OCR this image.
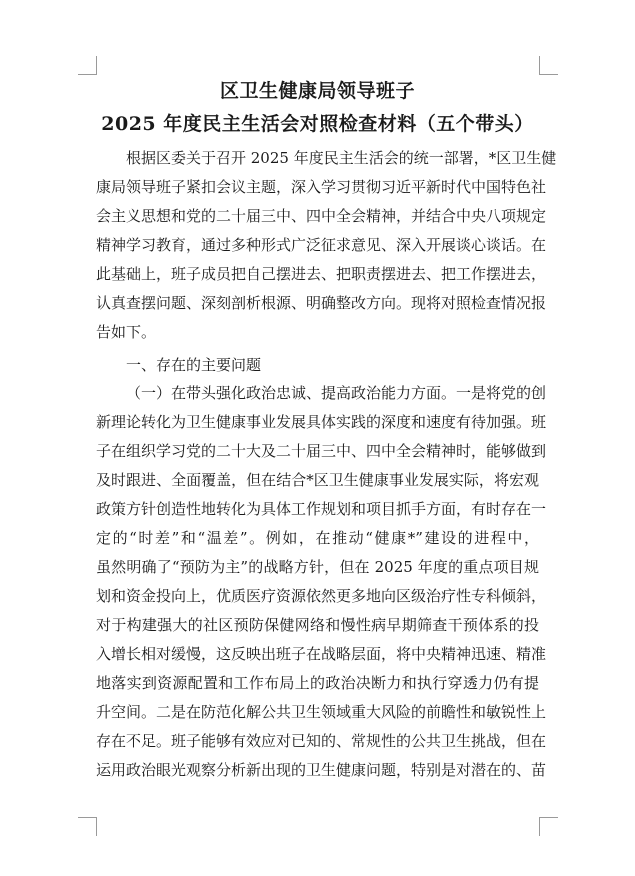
区卫生健康局领导班子
2025 年度民主生活会对照检查材料（五个带头）
根据区委关于召开 2025 年度民主生活会的统一部署，*区卫生健
康局领导班子紧扣会议主题，深入学习贯彻习近平新时代中国特色社
会主义思想和党的二十届三中、四中全会精神，并结合中央八项规定
精神学习教育，通过多种形式广泛征求意见、深入开展谈心谈话。在
此基础上，班子成员把自己摆进去、把职责摆进去、把工作摆进去，
认真查摆问题、深刻剖析根源、明确整改方向。现将对照检查情况报
告如下。
一、存在的主要问题
（一）在带头强化政治忠诚、提高政治能力方面。一是将党的创
新理论转化为卫生健康事业发展具体实践的深度和速度有待加强。班
子在组织学习党的二十大及二十届三中、四中全会精神时，能够做到
及时跟进、全面覆盖，但在结合*区卫生健康事业发展实际，将宏观
政策方针创造性地转化为具体工作规划和项目抓手方面，有时存在一
定的“时差”和“温差”。例如，在推动“健康*”建设的进程中，
虽然明确了“预防为主”的战略方针，但在 2025 年度的重点项目规
划和资金投向上，优质医疗资源依然更多地向区级治疗性专科倾斜，
对于构建强大的社区预防保健网络和慢性病早期筛查干预体系的投
入增长相对缓慢，这反映出班子在战略层面，将中央精神迅速、精准
地落实到资源配置和工作布局上的政治决断力和执行穿透力仍有提
升空间。二是在防范化解公共卫生领域重大风险的前瞻性和敏锐性上
存在不足。班子能够有效应对已知的、常规性的公共卫生挑战，但在
运用政治眼光观察分析新出现的卫生健康问题，特别是对潜在的、苗
